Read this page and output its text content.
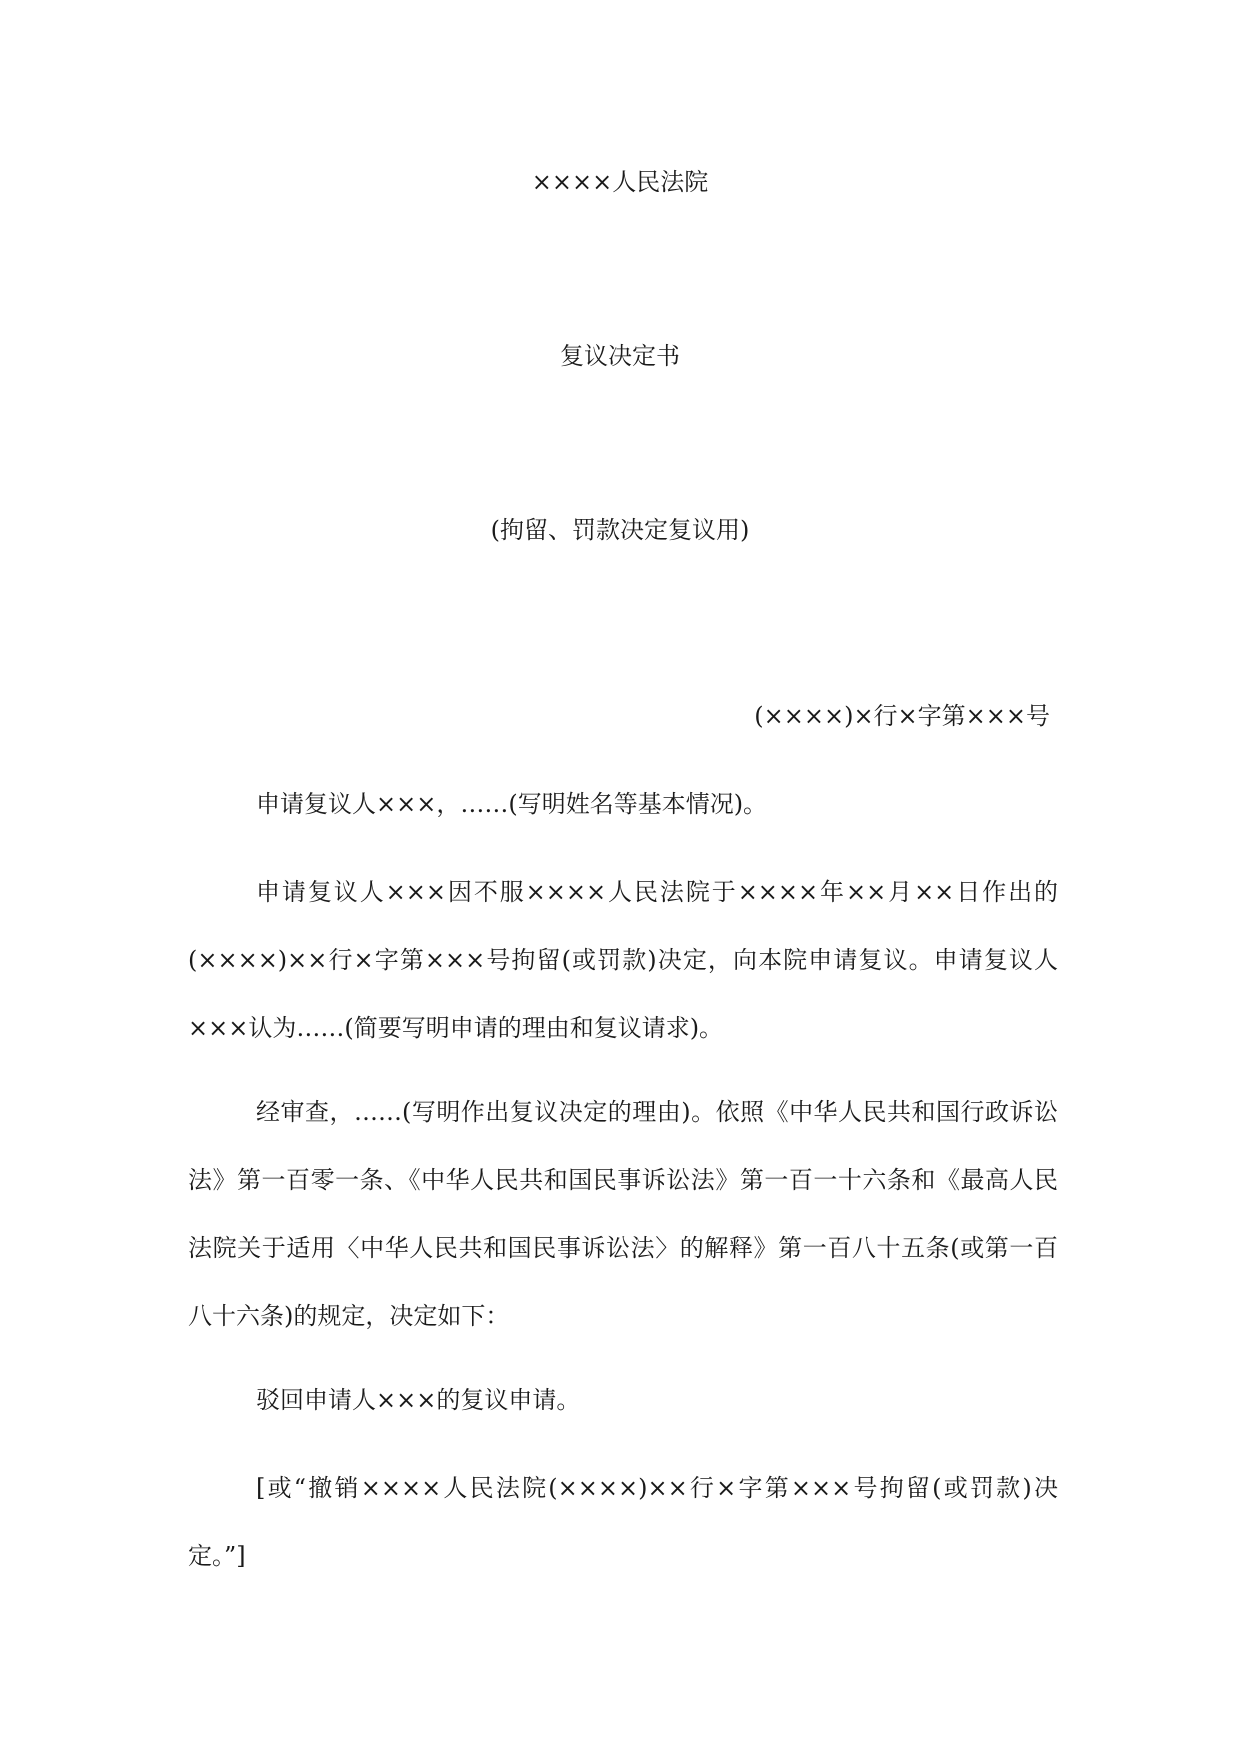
××××人民法院
复议决定书
(拘留、罚款决定复议用)
(××××)×行×字第×××号

申请复议人×××，……(写明姓名等基本情况)。

申请复议人×××因不服××××人民法院于××××年××月××日作出的(××××)××行×字第×××号拘留(或罚款)决定，向本院申请复议。申请复议人×××认为……(简要写明申请的理由和复议请求)。

经审查，……(写明作出复议决定的理由)。依照《中华人民共和国行政诉讼法》第一百零一条、《中华人民共和国民事诉讼法》第一百一十六条和《最高人民法院关于适用〈中华人民共和国民事诉讼法〉的解释》第一百八十五条(或第一百八十六条)的规定，决定如下：

驳回申请人×××的复议申请。

[或“撤销××××人民法院(××××)××行×字第×××号拘留(或罚款)决定。”]
